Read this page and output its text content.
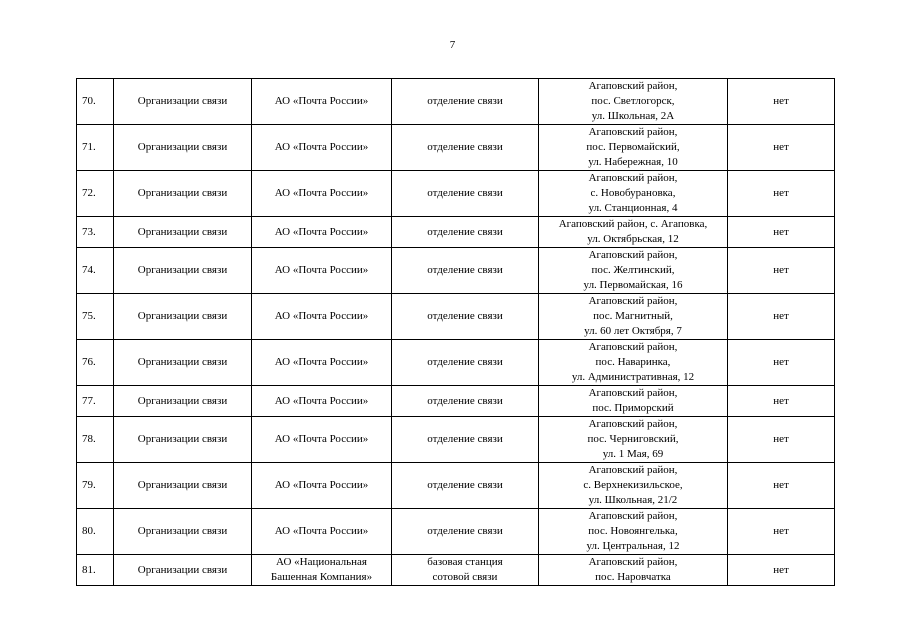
7
70.	Организации связи	АО «Почта России»	отделение связи	Агаповский район,
пос. Светлогорск,
ул. Школьная, 2А	нет
71.	Организации связи	АО «Почта России»	отделение связи	Агаповский район,
пос. Первомайский,
ул. Набережная, 10	нет
72.	Организации связи	АО «Почта России»	отделение связи	Агаповский район,
с. Новобурановка,
ул. Станционная, 4	нет
73.	Организации связи	АО «Почта России»	отделение связи	Агаповский район, с. Агаповка,
ул. Октябрьская, 12	нет
74.	Организации связи	АО «Почта России»	отделение связи	Агаповский район,
пос. Желтинский,
ул. Первомайская, 16	нет
75.	Организации связи	АО «Почта России»	отделение связи	Агаповский район,
пос. Магнитный,
ул. 60 лет Октября, 7	нет
76.	Организации связи	АО «Почта России»	отделение связи	Агаповский район,
пос. Наваринка,
ул. Административная, 12	нет
77.	Организации связи	АО «Почта России»	отделение связи	Агаповский район,
пос. Приморский	нет
78.	Организации связи	АО «Почта России»	отделение связи	Агаповский район,
пос. Черниговский,
ул. 1 Мая, 69	нет
79.	Организации связи	АО «Почта России»	отделение связи	Агаповский район,
с. Верхнекизильское,
ул. Школьная, 21/2	нет
80.	Организации связи	АО «Почта России»	отделение связи	Агаповский район,
пос. Новоянгелька,
ул. Центральная, 12	нет
81.	Организации связи	АО «Национальная
Башенная Компания»	базовая станция
сотовой связи	Агаповский район,
пос. Наровчатка	нет
